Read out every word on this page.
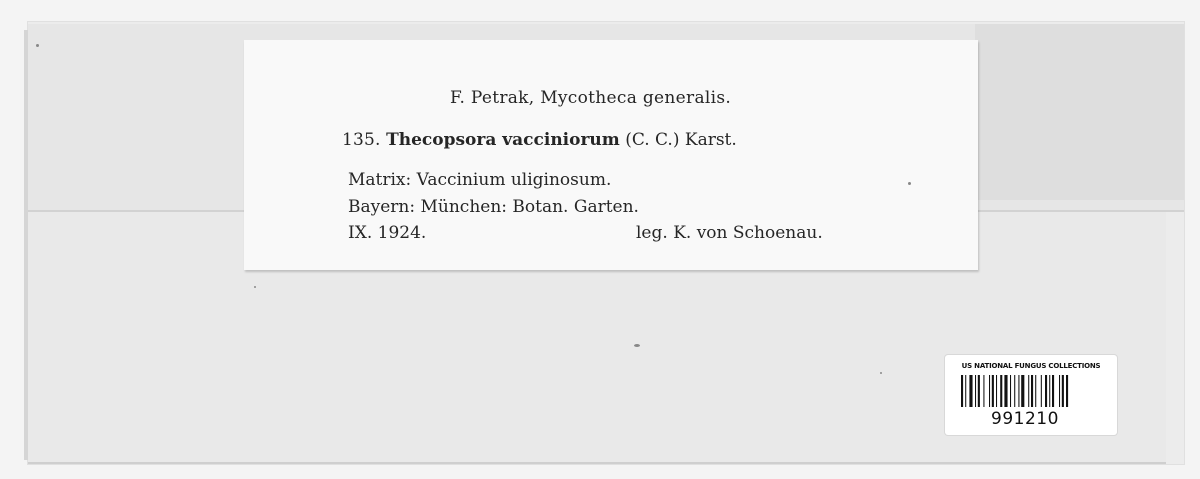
F. Petrak, Mycotheca generalis.
135. Thecopsora vacciniorum (C. C.) Karst.
Matrix: Vaccinium uliginosum.
Bayern: München: Botan. Garten.
IX. 1924.	leg. K. von Schoenau.
US NATIONAL FUNGUS COLLECTIONS
991210
